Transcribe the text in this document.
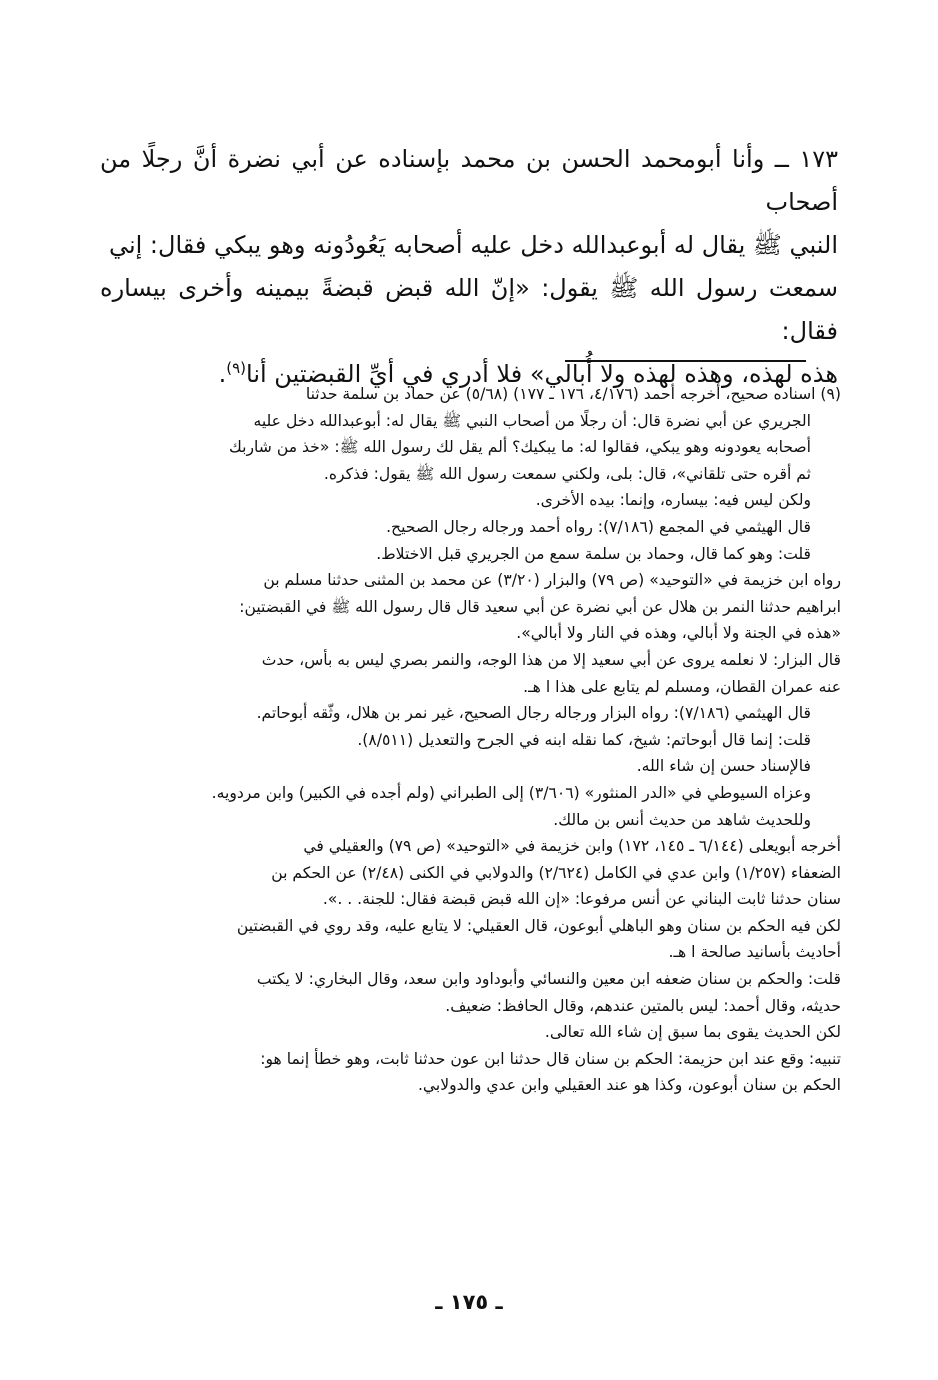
١٧٣ ــ وأنا أبومحمد الحسن بن محمد بإسناده عن أبي نضرة أنَّ رجلًا من أصحاب

النبي ﷺ يقال له أبوعبدالله دخل عليه أصحابه يَعُودُونه وهو يبكي فقال: إني

سمعت رسول الله ﷺ يقول: «إنّ الله قبض قبضةً بيمينه وأخرى بيساره فقال:

هذه لهذه، وهذه لهذه ولا أُبالي» فلا أدري في أيِّ القبضتين أنا$^{(٩)}$.

(٩) اسناده صحيح، أخرجه أحمد (٤/١٧٦، ١٧٦ ـ ١٧٧) (٥/٦٨) عن حماد بن سلمة حدثنا

الجريري عن أبي نضرة قال: أن رجلًا من أصحاب النبي ﷺ يقال له: أبوعبدالله دخل عليه

أصحابه يعودونه وهو يبكي، فقالوا له: ما يبكيك؟ ألم يقل لك رسول الله ﷺ: «خذ من شاربك

ثم أقره حتى تلقاني»، قال: بلى، ولكني سمعت رسول الله ﷺ يقول: فذكره.

ولكن ليس فيه: بيساره، وإنما: بيده الأخرى.

قال الهيثمي في المجمع (٧/١٨٦): رواه أحمد ورجاله رجال الصحيح.

قلت: وهو كما قال، وحماد بن سلمة سمع من الجريري قبل الاختلاط.

رواه ابن خزيمة في «التوحيد» (ص ٧٩) والبزار (٣/٢٠) عن محمد بن المثنى حدثنا مسلم بن

ابراهيم حدثنا النمر بن هلال عن أبي نضرة عن أبي سعيد قال قال رسول الله ﷺ في القبضتين:

«هذه في الجنة ولا أبالي، وهذه في النار ولا أبالي».

قال البزار: لا نعلمه يروى عن أبي سعيد إلا من هذا الوجه، والنمر بصري ليس به بأس، حدث

عنه عمران القطان، ومسلم لم يتابع على هذا ا هـ.

قال الهيثمي (٧/١٨٦): رواه البزار ورجاله رجال الصحيح، غير نمر بن هلال، وثّقه أبوحاتم.

قلت: إنما قال أبوحاتم: شيخ، كما نقله ابنه في الجرح والتعديل (٨/٥١١).

فالإسناد حسن إن شاء الله.

وعزاه السيوطي في «الدر المنثور» (٣/٦٠٦) إلى الطبراني (ولم أجده في الكبير) وابن مردويه.

وللحديث شاهد من حديث أنس بن مالك.

أخرجه أبويعلى (٦/١٤٤ ـ ١٤٥، ١٧٢) وابن خزيمة في «التوحيد» (ص ٧٩) والعقيلي في

الضعفاء (١/٢٥٧) وابن عدي في الكامل (٢/٦٢٤) والدولابي في الكنى (٢/٤٨) عن الحكم بن

سنان حدثنا ثابت البناني عن أنس مرفوعا: «إن الله قبض قبضة فقال: للجنة. . .».

لكن فيه الحكم بن سنان وهو الباهلي أبوعون، قال العقيلي: لا يتابع عليه، وقد روي في القبضتين

أحاديث بأسانيد صالحة ا هـ.

قلت: والحكم بن سنان ضعفه ابن معين والنسائي وأبوداود وابن سعد، وقال البخاري: لا يكتب

حديثه، وقال أحمد: ليس بالمتين عندهم، وقال الحافظ: ضعيف.

لكن الحديث يقوى بما سبق إن شاء الله تعالى.

تنبيه: وقع عند ابن حزيمة: الحكم بن سنان قال حدثنا ابن عون حدثنا ثابت، وهو خطأ إنما هو:

الحكم بن سنان أبوعون، وكذا هو عند العقيلي وابن عدي والدولابي.

ـ ١٧٥ ـ
